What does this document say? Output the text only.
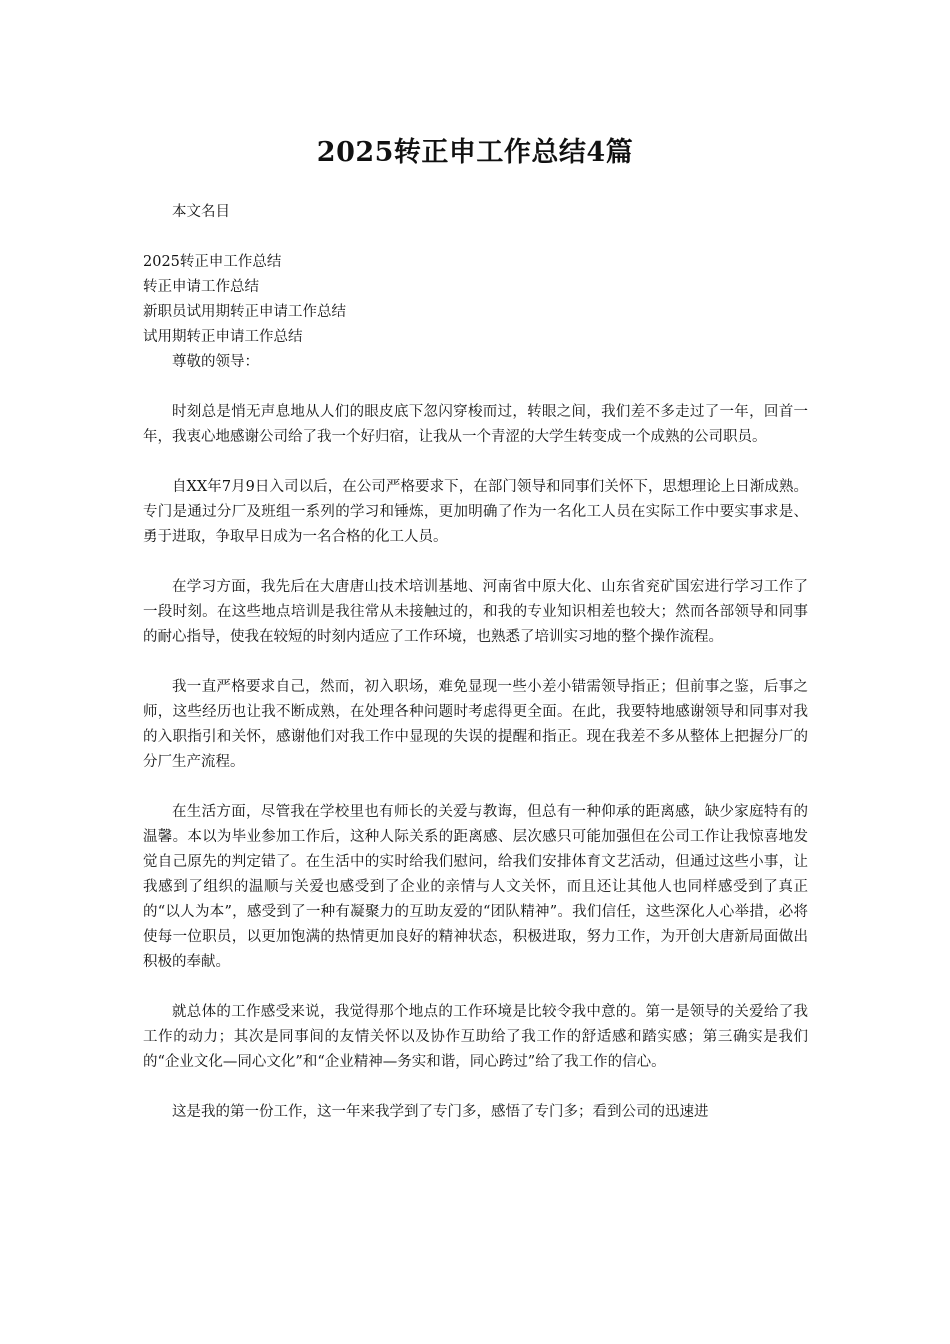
2025转正申工作总结4篇

本文名目

2025转正申工作总结

转正申请工作总结

新职员试用期转正申请工作总结

试用期转正申请工作总结

尊敬的领导：

时刻总是悄无声息地从人们的眼皮底下忽闪穿梭而过，转眼之间，我们差不多走过了一年，回首一年，我衷心地感谢公司给了我一个好归宿，让我从一个青涩的大学生转变成一个成熟的公司职员。

自XX年7月9日入司以后，在公司严格要求下，在部门领导和同事们关怀下，思想理论上日渐成熟。专门是通过分厂及班组一系列的学习和锤炼，更加明确了作为一名化工人员在实际工作中要实事求是、勇于进取，争取早日成为一名合格的化工人员。

在学习方面，我先后在大唐唐山技术培训基地、河南省中原大化、山东省兖矿国宏进行学习工作了一段时刻。在这些地点培训是我往常从未接触过的，和我的专业知识相差也较大；然而各部领导和同事的耐心指导，使我在较短的时刻内适应了工作环境，也熟悉了培训实习地的整个操作流程。

我一直严格要求自己，然而，初入职场，难免显现一些小差小错需领导指正；但前事之鉴，后事之师，这些经历也让我不断成熟，在处理各种问题时考虑得更全面。在此，我要特地感谢领导和同事对我的入职指引和关怀，感谢他们对我工作中显现的失误的提醒和指正。现在我差不多从整体上把握分厂的分厂生产流程。

在生活方面，尽管我在学校里也有师长的关爱与教诲，但总有一种仰承的距离感，缺少家庭特有的温馨。本以为毕业参加工作后，这种人际关系的距离感、层次感只可能加强但在公司工作让我惊喜地发觉自己原先的判定错了。在生活中的实时给我们慰问，给我们安排体育文艺活动，但通过这些小事，让我感到了组织的温顺与关爱也感受到了企业的亲情与人文关怀，而且还让其他人也同样感受到了真正的“以人为本”，感受到了一种有凝聚力的互助友爱的“团队精神”。我们信任，这些深化人心举措，必将使每一位职员，以更加饱满的热情更加良好的精神状态，积极进取，努力工作，为开创大唐新局面做出积极的奉献。

就总体的工作感受来说，我觉得那个地点的工作环境是比较令我中意的。第一是领导的关爱给了我工作的动力；其次是同事间的友情关怀以及协作互助给了我工作的舒适感和踏实感；第三确实是我们的“企业文化—同心文化”和“企业精神—务实和谐，同心跨过”给了我工作的信心。

这是我的第一份工作，这一年来我学到了专门多，感悟了专门多；看到公司的迅速进
